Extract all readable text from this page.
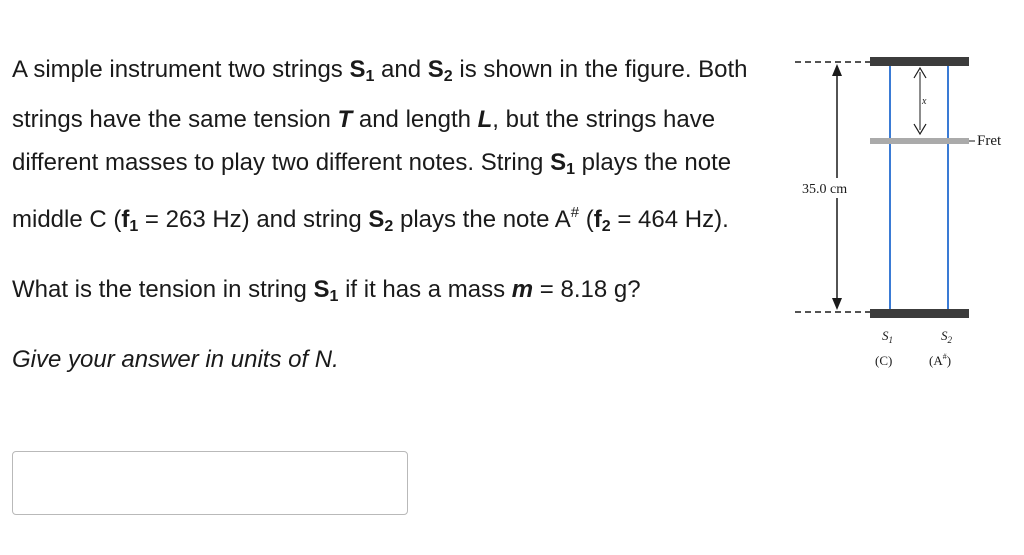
A simple instrument two strings $S_1$ and $S_2$ is shown in the figure. Both strings have the same tension T and length L, but the strings have different masses to play two different notes. String $S_1$ plays the note middle C ($f_1 = 263$ Hz) and string $S_2$ plays the note A# ($f_2 = 464$ Hz).

What is the tension in string $S_1$ if it has a mass m = 8.18 g?

Give your answer in units of N.

35.0 cm
Fret
x
$S_1$	$S_2$
(C)	(A#)
